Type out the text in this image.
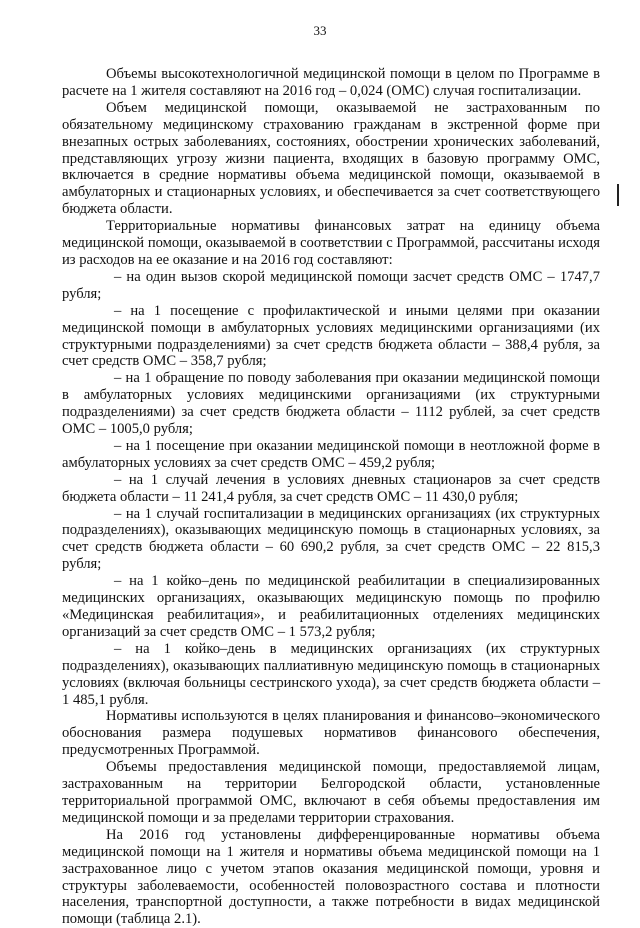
33

Объемы высокотехнологичной медицинской помощи в целом по Программе в расчете на 1 жителя составляют на 2016 год – 0,024 (ОМС) случая госпитализации.

Объем медицинской помощи, оказываемой не застрахованным по обязательному медицинскому страхованию гражданам в экстренной форме при внезапных острых заболеваниях, состояниях, обострении хронических заболеваний, представляющих угрозу жизни пациента, входящих в базовую программу ОМС, включается в средние нормативы объема медицинской помощи, оказываемой в амбулаторных и стационарных условиях, и обеспечивается за счет соответствующего бюджета области.

Территориальные нормативы финансовых затрат на единицу объема медицинской помощи, оказываемой в соответствии с Программой, рассчитаны исходя из расходов на ее оказание и на 2016 год составляют:

– на один вызов скорой медицинской помощи засчет средств ОМС – 1747,7 рубля;

– на 1 посещение с профилактической и иными целями при оказании медицинской помощи в амбулаторных условиях медицинскими организациями (их структурными подразделениями) за счет средств бюджета области – 388,4 рубля, за счет средств ОМС – 358,7 рубля;

– на 1 обращение по поводу заболевания при оказании медицинской помощи в амбулаторных условиях медицинскими организациями (их структурными подразделениями) за счет средств бюджета области – 1112 рублей, за счет средств ОМС – 1005,0 рубля;

– на 1 посещение при оказании медицинской помощи в неотложной форме в амбулаторных условиях за счет средств ОМС – 459,2 рубля;

– на 1 случай лечения в условиях дневных стационаров за счет средств бюджета области – 11 241,4 рубля, за счет средств ОМС – 11 430,0 рубля;

– на 1 случай госпитализации в медицинских организациях (их структурных подразделениях), оказывающих медицинскую помощь в стационарных условиях, за счет средств бюджета области – 60 690,2 рубля, за счет средств ОМС – 22 815,3 рубля;

– на 1 койко–день по медицинской реабилитации в специализированных медицинских организациях, оказывающих медицинскую помощь по профилю «Медицинская реабилитация», и реабилитационных отделениях медицинских организаций за счет средств ОМС – 1 573,2 рубля;

– на 1 койко–день в медицинских организациях (их структурных подразделениях), оказывающих паллиативную медицинскую помощь в стационарных условиях (включая больницы сестринского ухода), за счет средств бюджета области – 1 485,1 рубля.

Нормативы используются в целях планирования и финансово–экономического обоснования размера подушевых нормативов финансового обеспечения, предусмотренных Программой.

Объемы предоставления медицинской помощи, предоставляемой лицам, застрахованным на территории Белгородской области, установленные территориальной программой ОМС, включают в себя объемы предоставления им медицинской помощи и за пределами территории страхования.

На 2016 год установлены дифференцированные нормативы объема медицинской помощи на 1 жителя и нормативы объема медицинской помощи на 1 застрахованное лицо с учетом этапов оказания медицинской помощи, уровня и структуры заболеваемости, особенностей половозрастного состава и плотности населения, транспортной доступности, а также потребности в видах медицинской помощи (таблица 2.1).
